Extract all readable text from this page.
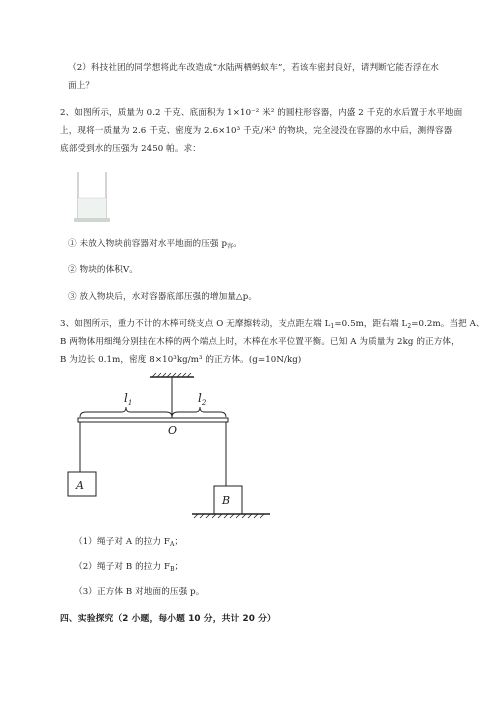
（2）科技社团的同学想将此车改造成“水陆两栖蚂蚁车”，若该车密封良好，请判断它能否浮在水
面上？
2、如图所示，质量为 0.2 千克、底面积为 1×10⁻² 米² 的圆柱形容器，内盛 2 千克的水后置于水平地面
上，现将一质量为 2.6 千克、密度为 2.6×10³ 千克/米³ 的物块，完全浸没在容器的水中后，测得容器
底部受到水的压强为 2450 帕。求：
① 未放入物块前容器对水平地面的压强 $p_容$。
② 物块的体积V。
③ 放入物块后，水对容器底部压强的增加量△p。
3、如图所示，重力不计的木棒可绕支点 O 无摩擦转动，支点距左端 $L_1=0.5m$，距右端 $L_2=0.2m$。当把 A、
B 两物体用细绳分别挂在木棒的两个端点上时，木棒在水平位置平衡。已知 A 为质量为 2kg 的正方体，
B 为边长 0.1m，密度 8×10³kg/m³ 的正方体。(g=10N/kg)
$l_1$	$l_2$
O
A
B
（1）绳子对 A 的拉力 $F_A$；
（2）绳子对 B 的拉力 $F_B$；
（3）正方体 B 对地面的压强 p。
四、实验探究（2 小题，每小题 10 分，共计 20 分）
